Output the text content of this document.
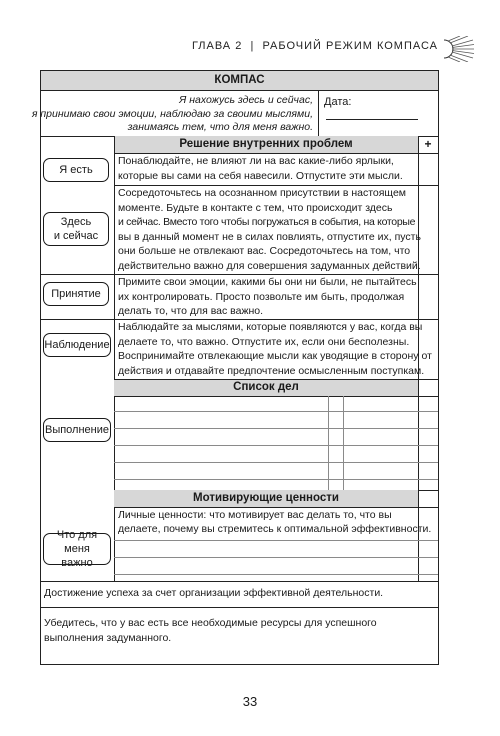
ГЛАВА 2 | РАБОЧИЙ РЕЖИМ КОМПАСА
КОМПАС
Я нахожусь здесь и сейчас,
я принимаю свои эмоции, наблюдаю за своими мыслями,
занимаясь тем, что для меня важно.
Дата:
Решение внутренних проблем	+
Я есть
Понаблюдайте, не влияют ли на вас какие-либо ярлыки,
которые вы сами на себя навесили. Отпустите эти мысли.
Здесь
и сейчас
Сосредоточьтесь на осознанном присутствии в настоящем
моменте. Будьте в контакте с тем, что происходит здесь
и сейчас. Вместо того чтобы погружаться в события, на которые
вы в данный момент не в силах повлиять, отпустите их, пусть
они больше не отвлекают вас. Сосредоточьтесь на том, что
действительно важно для совершения задуманных действий.
Принятие
Примите свои эмоции, какими бы они ни были, не пытайтесь
их контролировать. Просто позвольте им быть, продолжая
делать то, что для вас важно.
Наблюдение
Наблюдайте за мыслями, которые появляются у вас, когда вы
делаете то, что важно. Отпустите их, если они бесполезны.
Воспринимайте отвлекающие мысли как уводящие в сторону от
действия и отдавайте предпочтение осмысленным поступкам.
Список дел
Выполнение
Мотивирующие ценности
Личные ценности: что мотивирует вас делать то, что вы
делаете, почему вы стремитесь к оптимальной эффективности.
Что для меня
важно
Достижение успеха за счет организации эффективной деятельности.
Убедитесь, что у вас есть все необходимые ресурсы для успешного
выполнения задуманного.
33
